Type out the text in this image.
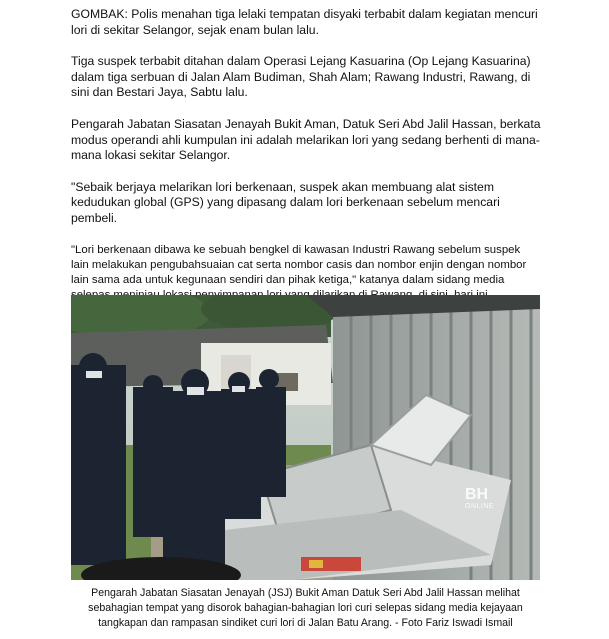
GOMBAK: Polis menahan tiga lelaki tempatan disyaki terbabit dalam kegiatan mencuri lori di sekitar Selangor, sejak enam bulan lalu.

Tiga suspek terbabit ditahan dalam Operasi Lejang Kasuarina (Op Lejang Kasuarina) dalam tiga serbuan di Jalan Alam Budiman, Shah Alam; Rawang Industri, Rawang, di sini dan Bestari Jaya, Sabtu lalu.

Pengarah Jabatan Siasatan Jenayah Bukit Aman, Datuk Seri Abd Jalil Hassan, berkata modus operandi ahli kumpulan ini adalah melarikan lori yang sedang berhenti di mana-mana lokasi sekitar Selangor.

"Sebaik berjaya melarikan lori berkenaan, suspek akan membuang alat sistem kedudukan global (GPS) yang dipasang dalam lori berkenaan sebelum mencari pembeli.

"Lori berkenaan dibawa ke sebuah bengkel di kawasan Industri Rawang sebelum suspek lain melakukan pengubahsuaian cat serta nombor casis dan nombor enjin dengan nombor lain sama ada untuk kegunaan sendiri dan pihak ketiga," katanya dalam sidang media

BH
ONLINE
Pengarah Jabatan Siasatan Jenayah (JSJ) Bukit Aman Datuk Seri Abd Jalil Hassan melihat sebahagian tempat yang disorok bahagian-bahagian lori curi selepas sidang media kejayaan tangkapan dan rampasan sindiket curi lori di Jalan Batu Arang. - Foto Fariz Iswadi Ismail
